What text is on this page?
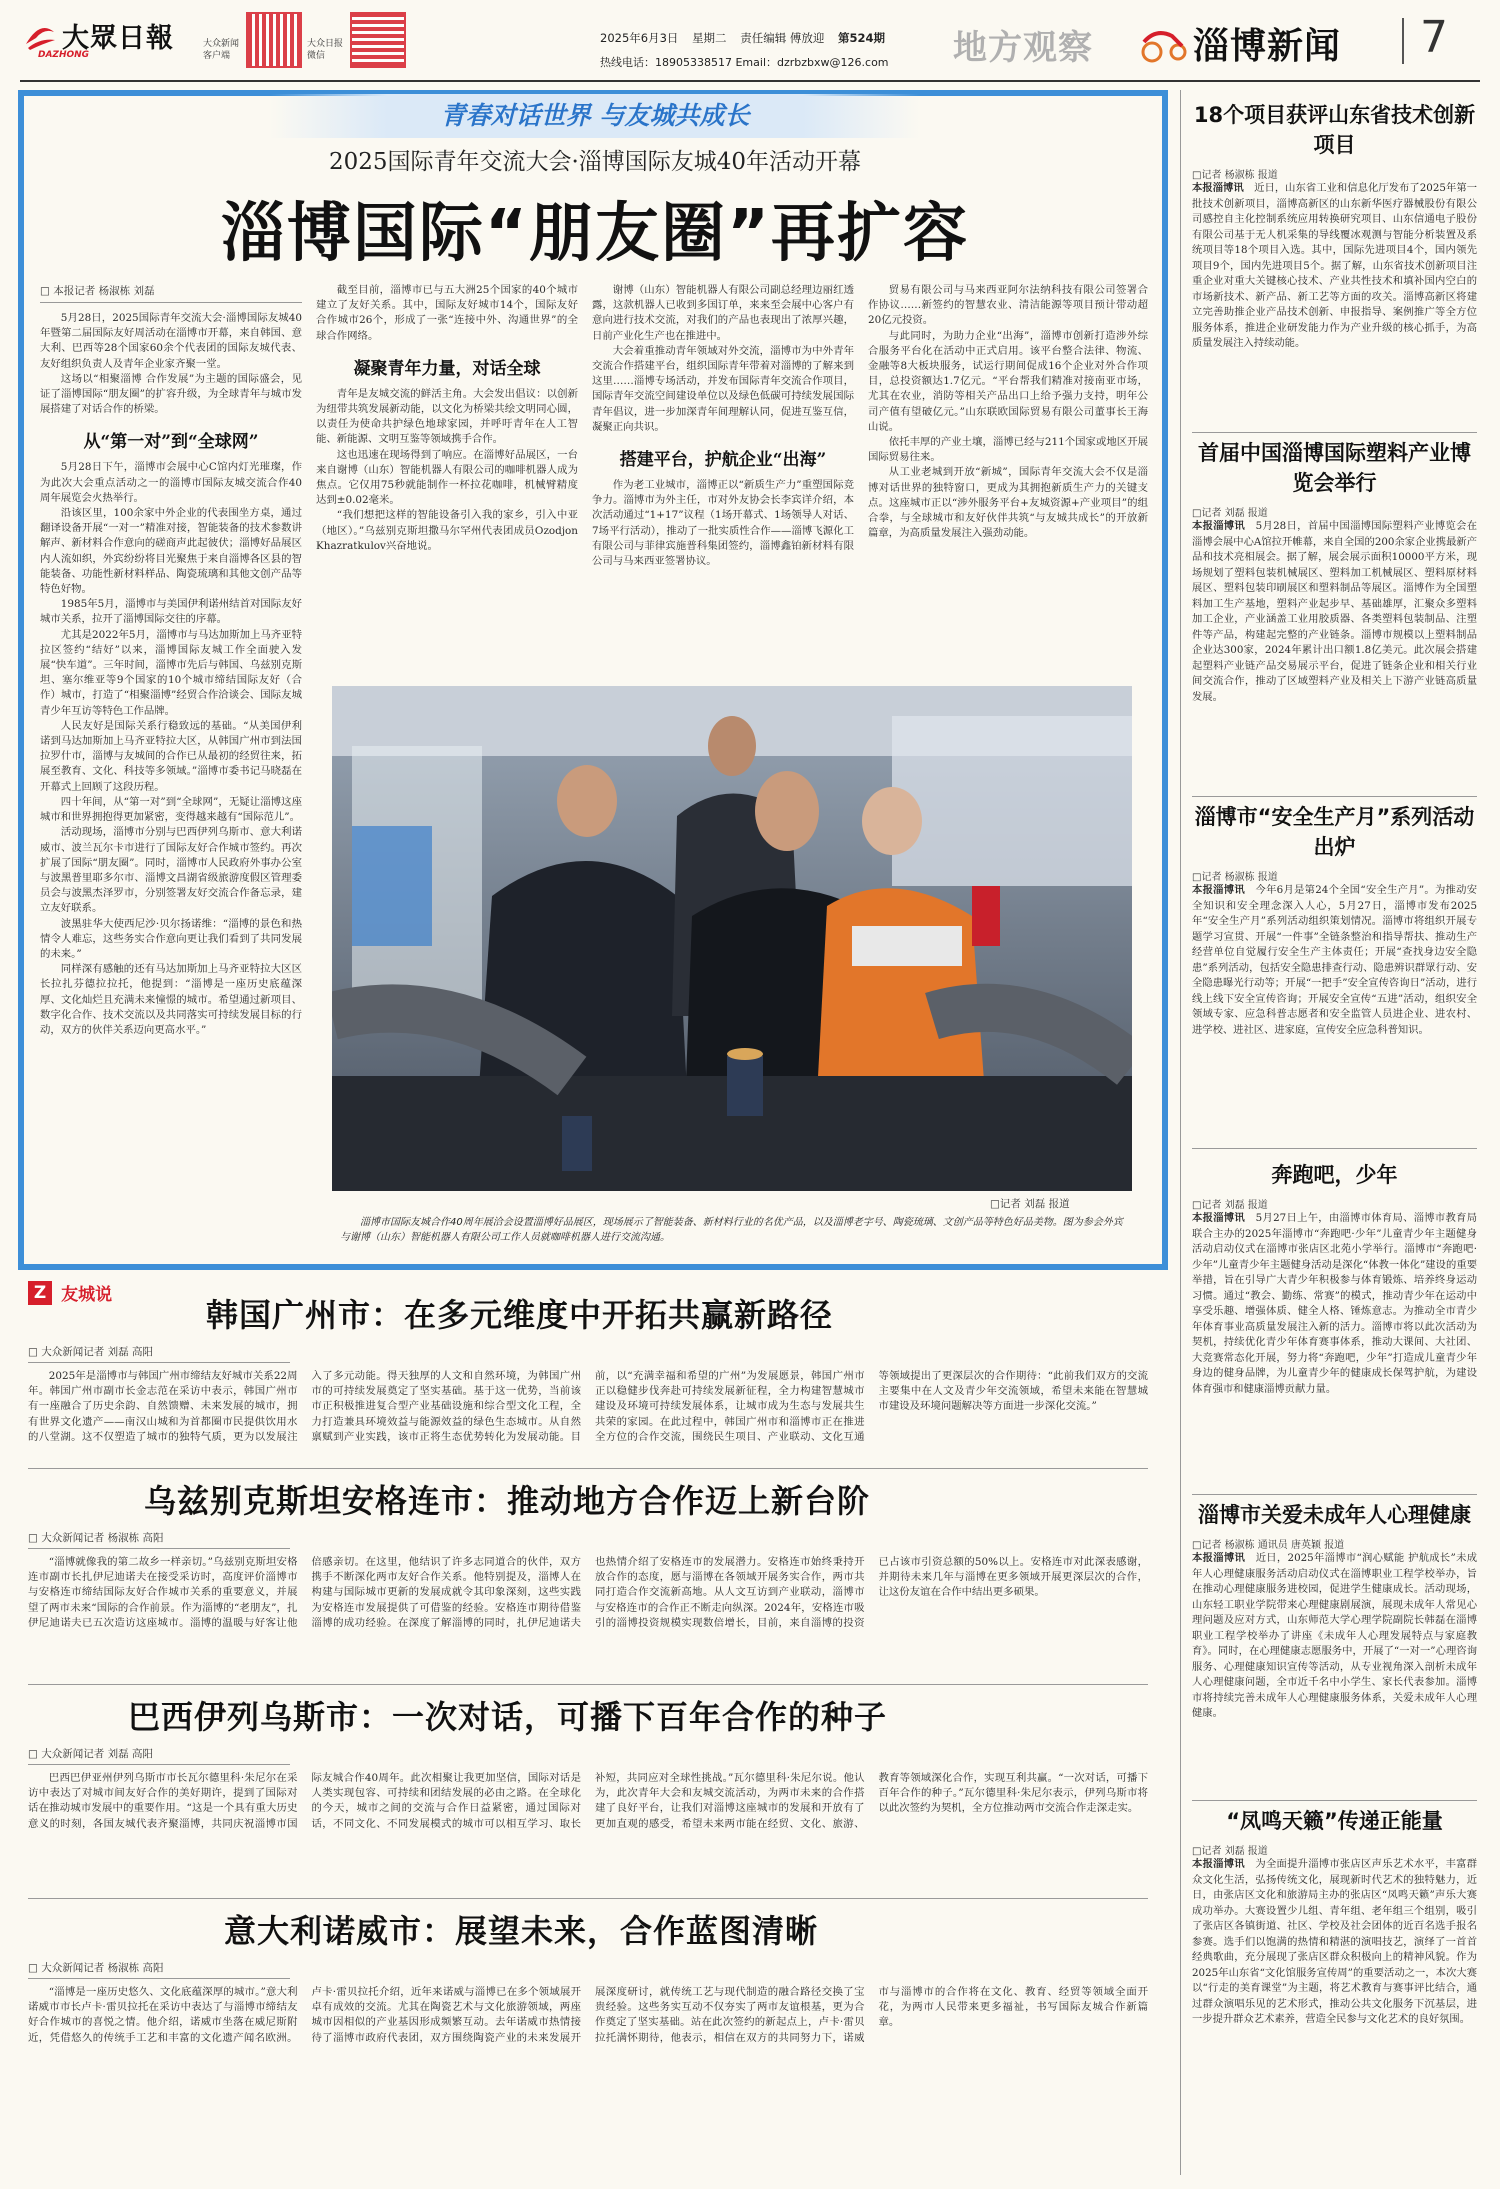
大眾日報
DAZHONG
大众新闻客户端
大众日报微信
2025年6月3日 星期二 责任编辑 傅放迎 第524期
热线电话：18905338517 Email：dzrbzbxw@126.com 地方观察	淄博新闻 7
青春对话世界 与友城共成长
2025国际青年交流大会·淄博国际友城40年活动开幕
淄博国际“朋友圈”再扩容
□ 本报记者 杨淑栋 刘磊

5月28日，2025国际青年交流大会·淄博国际友城40年暨第二届国际友好周活动在淄博市开幕，来自韩国、意大利、巴西等28个国家60余个代表团的国际友城代表、友好组织负责人及青年企业家齐聚一堂。

这场以“相聚淄博 合作发展”为主题的国际盛会，见证了淄博国际“朋友圈”的扩容升级，为全球青年与城市发展搭建了对话合作的桥梁。

从“第一对”到“全球网”

5月28日下午，淄博市会展中心C馆内灯光璀璨，作为此次大会重点活动之一的淄博市国际友城交流合作40周年展览会火热举行。

沿该区里，100余家中外企业的代表围坐方桌，通过翻译设备开展“一对一”精准对接，智能装备的技术参数讲解声、新材料合作意向的磋商声此起彼伏；淄博好品展区内人流如织，外宾纷纷将目光聚焦于来自淄博各区县的智能装备、功能性新材料样品、陶瓷琉璃和其他文创产品等特色好物。

1985年5月，淄博市与美国伊利诺州结首对国际友好城市关系，拉开了淄博国际交往的序幕。

尤其是2022年5月，淄博市与马达加斯加上马齐亚特拉区签约“结好”以来，淄博国际友城工作全面驶入发展“快车道”。三年时间，淄博市先后与韩国、乌兹别克斯坦、塞尔维亚等9个国家的10个城市缔结国际友好（合作）城市，打造了“相聚淄博”经贸合作洽谈会、国际友城青少年互访等特色工作品牌。

人民友好是国际关系行稳致远的基础。“从美国伊利诺到马达加斯加上马齐亚特拉大区，从韩国广州市到法国拉罗什市，淄博与友城间的合作已从最初的经贸往来，拓展至教育、文化、科技等多领域。”淄博市委书记马晓磊在开幕式上回顾了这段历程。

四十年间，从“第一对”到“全球网”，无疑让淄博这座城市和世界拥抱得更加紧密，变得越来越有“国际范儿”。

活动现场，淄博市分别与巴西伊列乌斯市、意大利诺威市、波兰瓦尔卡市进行了国际友好合作城市签约。再次扩展了国际“朋友圈”。同时，淄博市人民政府外事办公室与波黑普里耶多尔市、淄博文昌湖省级旅游度假区管理委员会与波黑杰泽罗市，分别签署友好交流合作备忘录，建立友好联系。

波黑驻华大使西尼沙·贝尔扬诺维：“淄博的景色和热情令人难忘，这些务实合作意向更让我们看到了共同发展的未来。”

同样深有感触的还有马达加斯加上马齐亚特拉大区区长拉扎芬德拉拉托，他提到：“淄博是一座历史底蕴深厚、文化灿烂且充满未来憧憬的城市。希望通过新项目、数字化合作、技术交流以及共同落实可持续发展目标的行动，双方的伙伴关系迈向更高水平。”

截至目前，淄博市已与五大洲25个国家的40个城市建立了友好关系。其中，国际友好城市14个，国际友好合作城市26个，形成了一张“连接中外、沟通世界”的全球合作网络。

凝聚青年力量，对话全球

青年是友城交流的鲜活主角。大会发出倡议：以创新为纽带共筑发展新动能，以文化为桥梁共绘文明同心圆，以责任为使命共护绿色地球家园，并呼吁青年在人工智能、新能源、文明互鉴等领域携手合作。

这也迅速在现场得到了响应。在淄博好品展区，一台来自谢博（山东）智能机器人有限公司的咖啡机器人成为焦点。它仅用75秒就能制作一杯拉花咖啡，机械臂精度达到±0.02毫米。

“我们想把这样的智能设备引入我的家乡，引入中亚（地区）。”乌兹别克斯坦撒马尔罕州代表团成员Ozodjon Khazratkulov兴奋地说。

谢博（山东）智能机器人有限公司副总经理边丽红透露，这款机器人已收到多国订单，来来至会展中心客户有意向进行技术交流，对我们的产品也表现出了浓厚兴趣，日前产业化生产也在推进中。

大会着重推动青年领域对外交流，淄博市为中外青年交流合作搭建平台，组织国际青年带着对淄博的了解来到这里……淄博专场活动，并发布国际青年交流合作项目，国际青年交流空间建设单位以及绿色低碳可持续发展国际青年倡议，进一步加深青年间理解认同，促进互鉴互信，凝聚正向共识。

搭建平台，护航企业“出海”

作为老工业城市，淄博正以“新质生产力”重塑国际竞争力。淄博市为外主任，市对外友协会长李宾详介绍，本次活动通过“1+17”议程（1场开幕式、1场领导人对话、7场平行活动），推动了一批实质性合作——淄博飞源化工有限公司与菲律宾施普科集团签约，淄博鑫铂新材料有限公司与马来西亚签署协议。

贸易有限公司与马来西亚阿尔法纳科技有限公司签署合作协议……新签约的智慧农业、清洁能源等项目预计带动超20亿元投资。

与此同时，为助力企业“出海”，淄博市创新打造涉外综合服务平台化在活动中正式启用。该平台整合法律、物流、金融等8大板块服务，试运行期间促成16个企业对外合作项目，总投资额达1.7亿元。“平台帮我们精准对接南亚市场，尤其在农业，消防等相关产品出口上给予强力支持，明年公司产值有望破亿元。”山东联欧国际贸易有限公司董事长王海山说。

依托丰厚的产业土壤，淄博已经与211个国家或地区开展国际贸易往来。

从工业老城到开放“新城”，国际青年交流大会不仅是淄博对话世界的独特窗口，更成为其拥抱新质生产力的关键支点。这座城市正以“涉外服务平台+友城资源+产业项目”的组合拳，与全球城市和友好伙伴共筑“与友城共成长”的开放新篇章，为高质量发展注入强劲动能。

□记者 刘磊 报道
淄博市国际友城合作40周年展洽会设置淄博好品展区，现场展示了智能装备、新材料行业的名优产品，以及淄博老字号、陶瓷琉璃、文创产品等特色好品美物。图为参会外宾与谢博（山东）智能机器人有限公司工作人员就咖啡机器人进行交流沟通。
Z 友城说
韩国广州市：在多元维度中开拓共赢新路径
□ 大众新闻记者 刘磊 高阳
2025年是淄博市与韩国广州市缔结友好城市关系22周年。韩国广州市副市长金志范在采访中表示，韩国广州市有一座融合了历史余韵、自然馈赠、未来发展的城市，拥有世界文化遗产——南汉山城和为首都圈市民提供饮用水的八堂湖。这不仅塑造了城市的独特气质，更为以发展注入了多元动能。得天独厚的人文和自然环境，为韩国广州市的可持续发展奠定了坚实基础。基于这一优势，当前该市正积极推进复合型产业基础设施和综合型文化工程，全力打造兼具环境效益与能源效益的绿色生态城市。从自然禀赋到产业实践，该市正将生态优势转化为发展动能。目前，以“充满幸福和希望的广州”为发展愿景，韩国广州市正以稳健步伐奔赴可持续发展新征程，全力构建智慧城市建设及环境可持续发展体系，让城市成为生态与发展共生共荣的家园。在此过程中，韩国广州市和淄博市正在推进全方位的合作交流，围绕民生项目、产业联动、文化互通等领域提出了更深层次的合作期待：“此前我们双方的交流主要集中在人文及青少年交流领域，希望未来能在智慧城市建设及环境问题解决等方面进一步深化交流。”
乌兹别克斯坦安格连市：推动地方合作迈上新台阶
□ 大众新闻记者 杨淑栋 高阳
“淄博就像我的第二故乡一样亲切。”乌兹别克斯坦安格连市副市长扎伊尼迪诺夫在接受采访时，高度评价淄博市与安格连市缔结国际友好合作城市关系的重要意义，并展望了两市未来“国际的合作前景。作为淄博的“老朋友”，扎伊尼迪诺夫已五次造访这座城市。淄博的温暖与好客让他倍感亲切。在这里，他结识了许多志同道合的伙伴，双方携手不断深化两市友好合作关系。他特别提及，淄博人在构建与国际城市更新的发展成就令其印象深刻，这些实践为安格连市发展提供了可借鉴的经验。安格连市期待借鉴淄博的成功经验。在深度了解淄博的同时，扎伊尼迪诺夫也热情介绍了安格连市的发展潜力。安格连市始终秉持开放合作的态度，愿与淄博在各领域开展务实合作，两市共同打造合作交流新高地。从人文互访到产业联动，淄博市与安格连市的合作正不断走向纵深。2024年，安格连市吸引的淄博投资规模实现数倍增长，目前，来自淄博的投资已占该市引资总额的50%以上。安格连市对此深表感谢，并期待未来几年与淄博在更多领域开展更深层次的合作，让这份友谊在合作中结出更多硕果。
巴西伊列乌斯市：一次对话，可播下百年合作的种子
□ 大众新闻记者 刘磊 高阳
巴西巴伊亚州伊列乌斯市市长瓦尔德里科·朱尼尔在采访中表达了对城市间友好合作的美好期许，提到了国际对话在推动城市发展中的重要作用。“这是一个具有重大历史意义的时刻，各国友城代表齐聚淄博，共同庆祝淄博市国际友城合作40周年。此次相聚让我更加坚信，国际对话是人类实现包容、可持续和团结发展的必由之路。在全球化的今天，城市之间的交流与合作日益紧密，通过国际对话，不同文化、不同发展模式的城市可以相互学习、取长补短，共同应对全球性挑战。”瓦尔德里科·朱尼尔说。他认为，此次青年大会和友城交流活动，为两市未来的合作搭建了良好平台，让我们对淄博这座城市的发展和开放有了更加直观的感受，希望未来两市能在经贸、文化、旅游、教育等领域深化合作，实现互利共赢。“一次对话，可播下百年合作的种子。”瓦尔德里科·朱尼尔表示，伊列乌斯市将以此次签约为契机，全方位推动两市交流合作走深走实。
意大利诺威市：展望未来，合作蓝图清晰
□ 大众新闻记者 杨淑栋 高阳
“淄博是一座历史悠久、文化底蕴深厚的城市。”意大利诺威市市长卢卡·雷贝拉托在采访中表达了与淄博市缔结友好合作城市的喜悦之情。他介绍，诺威市坐落在威尼斯附近，凭借悠久的传统手工艺和丰富的文化遗产闻名欧洲。卢卡·雷贝拉托介绍，近年来诺威与淄博已在多个领域展开卓有成效的交流。尤其在陶瓷艺术与文化旅游领域，两座城市因相似的产业基因形成频繁互动。去年诺威市热情接待了淄博市政府代表团，双方围绕陶瓷产业的未来发展开展深度研讨，就传统工艺与现代制造的融合路径交换了宝贵经验。这些务实互动不仅夯实了两市友谊根基，更为合作奠定了坚实基础。站在此次签约的新起点上，卢卡·雷贝拉托满怀期待，他表示，相信在双方的共同努力下，诺威市与淄博市的合作将在文化、教育、经贸等领域全面开花，为两市人民带来更多福祉，书写国际友城合作新篇章。
18个项目获评山东省技术创新项目
□记者 杨淑栋 报道
本报淄博讯　 近日，山东省工业和信息化厅发布了2025年第一批技术创新项目，淄博高新区的山东新华医疗器械股份有限公司感控自主化控制系统应用转换研究项目、山东信通电子股份有限公司基于无人机采集的导线覆冰观测与智能分析装置及系统项目等18个项目入选。其中，国际先进项目4个，国内领先项目9个，国内先进项目5个。据了解，山东省技术创新项目注重企业对重大关键核心技术、产业共性技术和填补国内空白的市场新技术、新产品、新工艺等方面的攻关。淄博高新区将建立完善助推企业产品技术创新、申报指导、案例推广等全方位服务体系，推进企业研发能力作为产业升级的核心抓手，为高质量发展注入持续动能。
首届中国淄博国际塑料产业博览会举行
□记者 刘磊 报道
本报淄博讯　 5月28日，首届中国淄博国际塑料产业博览会在淄博会展中心A馆拉开帷幕，来自全国的200余家企业携最新产品和技术亮相展会。据了解，展会展示面积10000平方米，现场规划了塑料包装机械展区、塑料加工机械展区、塑料原材料展区、塑料包装印刷展区和塑料制品等展区。淄博作为全国塑料加工生产基地，塑料产业起步早、基础雄厚，汇聚众多塑料加工企业，产业涵盖工业用胶质器、各类塑料包装制品、注塑件等产品，构建起完整的产业链条。淄博市规模以上塑料制品企业达300家，2024年累计出口额1.8亿美元。此次展会搭建起塑料产业链产品交易展示平台，促进了链条企业和相关行业间交流合作，推动了区域塑料产业及相关上下游产业链高质量发展。
淄博市“安全生产月”系列活动出炉
□记者 杨淑栋 报道
本报淄博讯　 今年6月是第24个全国“安全生产月”。为推动安全知识和安全理念深入人心，5月27日，淄博市发布2025年“安全生产月”系列活动组织策划情况。淄博市将组织开展专题学习宣贯、开展“一件事”全链条整治和指导帮扶、推动生产经营单位自觉履行安全生产主体责任；开展“查找身边安全隐患”系列活动，包括安全隐患排查行动、隐患辨识群眾行动、安全隐患曝光行动等；开展“一把手”安全宣传咨询日”活动，进行线上线下安全宣传咨询；开展安全宣传“五进”活动，组织安全领域专家、应急科普志愿者和安全监管人员进企业、进农村、进学校、进社区、进家庭，宣传安全应急科普知识。
奔跑吧，少年
□记者 刘磊 报道
本报淄博讯　 5月27日上午，由淄博市体育局、淄博市教育局联合主办的2025年淄博市“奔跑吧·少年”儿童青少年主题健身活动启动仪式在淄博市张店区北苑小学举行。淄博市“奔跑吧·少年”儿童青少年主题健身活动是深化“体教一体化”建设的重要举措，旨在引导广大青少年积极参与体育锻炼、培养终身运动习惯。通过“教会、勤练、常赛”的模式，推动青少年在运动中享受乐趣、增强体质、健全人格、锤炼意志。为推动全市青少年体育事业高质量发展注入新的活力。淄博市将以此次活动为契机，持续优化青少年体育赛事体系，推动大课间、大社团、大竞赛常态化开展，努力将“奔跑吧，少年”打造成儿童青少年身边的健身品牌，为儿童青少年的健康成长保驾护航，为建设体育强市和健康淄博贡献力量。
淄博市关爱未成年人心理健康
□记者 杨淑栋 通讯员 唐英颖 报道
本报淄博讯　 近日，2025年淄博市“润心赋能 护航成长”未成年人心理健康服务活动启动仪式在淄博职业工程学校举办，旨在推动心理健康服务进校园，促进学生健康成长。活动现场，山东轻工职业学院带来心理健康剧展演，展现未成年人常见心理问题及应对方式，山东师范大学心理学院副院长韩磊在淄博职业工程学校举办了讲座《未成年人心理发展特点与家庭教育》。同时，在心理健康志愿服务中，开展了“一对一”心理咨询服务、心理健康知识宣传等活动，从专业视角深入剖析未成年人心理健康问题，全市近千名中小学生、家长代表参加。淄博市将持续完善未成年人心理健康服务体系，关爱未成年人心理健康。
“凤鸣天籁”传递正能量
□记者 刘磊 报道
本报淄博讯　 为全面提升淄博市张店区声乐艺术水平，丰富群众文化生活，弘扬传统文化，展现新时代艺术的独特魅力，近日，由张店区文化和旅游局主办的张店区“凤鸣天籁”声乐大赛成功举办。大赛设置少儿组、青年组、老年组三个组别，吸引了张店区各镇街道、社区、学校及社会团体的近百名选手报名参赛。选手们以饱满的热情和精湛的演唱技艺，演绎了一首首经典歌曲，充分展现了张店区群众积极向上的精神风貌。作为2025年山东省“文化馆服务宣传周”的重要活动之一，本次大赛以“行走的美育课堂”为主题，将艺术教育与赛事评比结合，通过群众演唱乐见的艺术形式，推动公共文化服务下沉基层，进一步提升群众艺术素养，营造全民参与文化艺术的良好氛围。
